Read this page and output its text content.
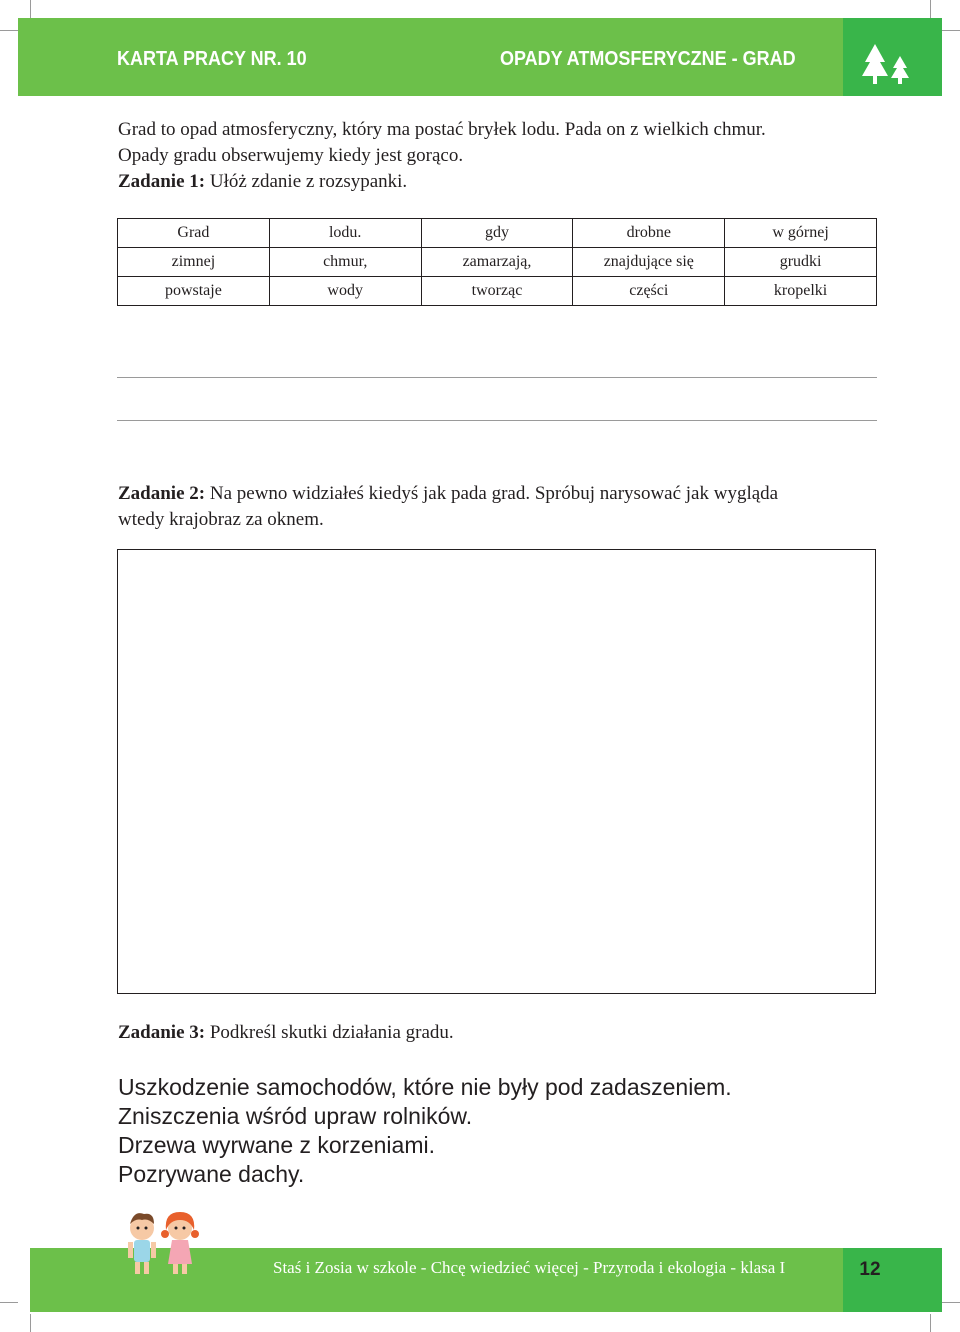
KARTA PRACY NR. 10	OPADY ATMOSFERYCZNE - GRAD
Grad to opad atmosferyczny, który ma postać bryłek lodu. Pada on z wielkich chmur.
Opady gradu obserwujemy kiedy jest gorąco.
Zadanie 1: Ułóż zdanie z rozsypanki.
Grad	lodu.	gdy	drobne	w górnej
zimnej	chmur,	zamarzają,	znajdujące się	grudki
powstaje	wody	tworząc	części	kropelki
Zadanie 2: Na pewno widziałeś kiedyś jak pada grad. Spróbuj narysować jak wygląda
wtedy krajobraz za oknem.
Zadanie 3: Podkreśl skutki działania gradu.
Uszkodzenie samochodów, które nie były pod zadaszeniem.
Zniszczenia wśród upraw rolników.
Drzewa wyrwane z korzeniami.
Pozrywane dachy.
Staś i Zosia w szkole - Chcę wiedzieć więcej - Przyroda i ekologia - klasa I	12
